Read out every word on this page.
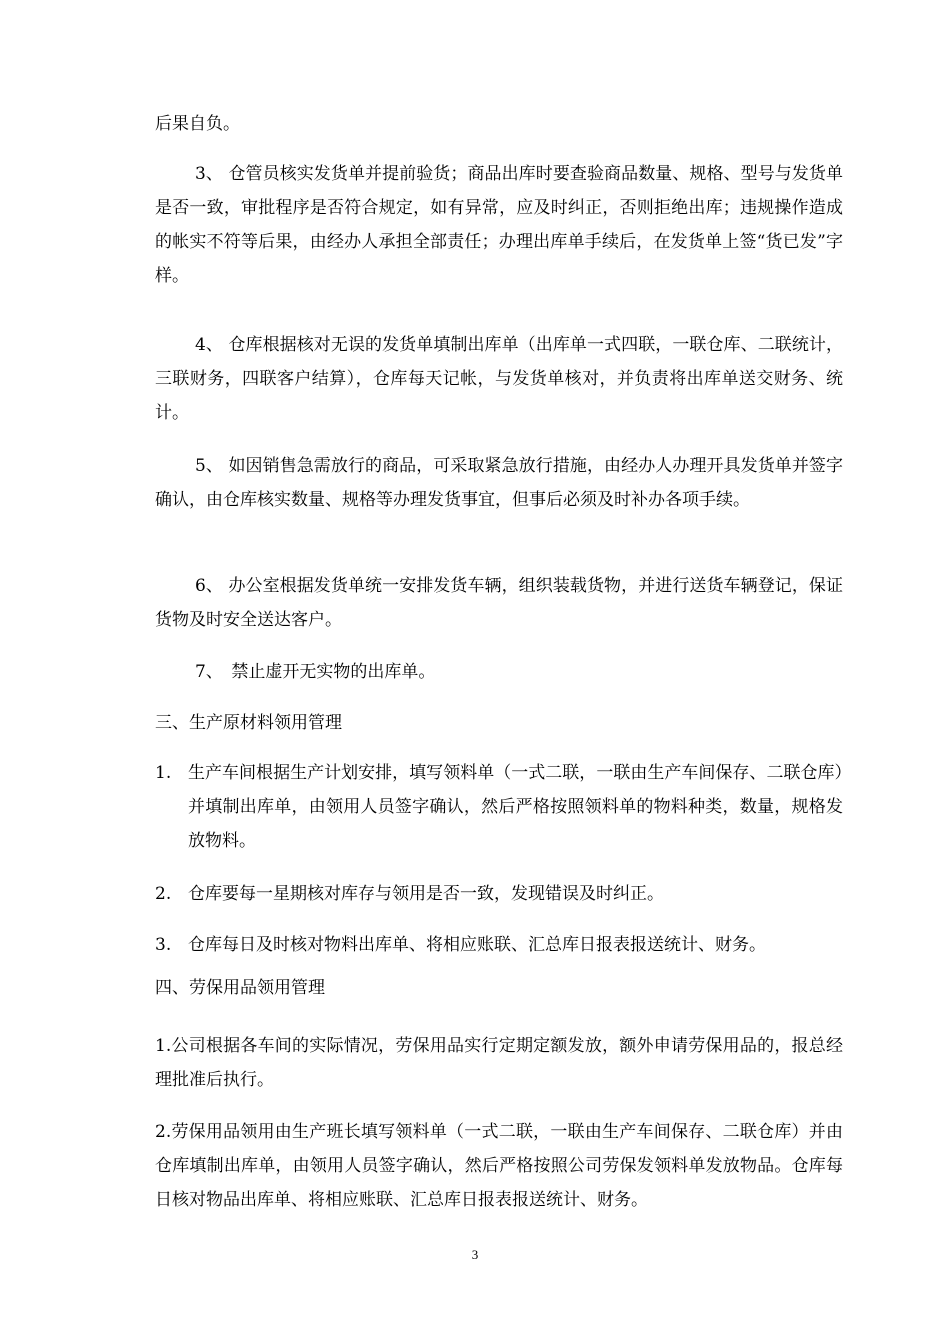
后果自负。

3、 仓管员核实发货单并提前验货；商品出库时要查验商品数量、规格、型号与发货单是否一致，审批程序是否符合规定，如有异常，应及时纠正，否则拒绝出库；违规操作造成的帐实不符等后果，由经办人承担全部责任；办理出库单手续后，在发货单上签“货已发”字样。

4、 仓库根据核对无误的发货单填制出库单（出库单一式四联，一联仓库、二联统计，三联财务，四联客户结算），仓库每天记帐，与发货单核对，并负责将出库单送交财务、统计。

5、 如因销售急需放行的商品，可采取紧急放行措施，由经办人办理开具发货单并签字确认，由仓库核实数量、规格等办理发货事宜，但事后必须及时补办各项手续。

6、 办公室根据发货单统一安排发货车辆，组织装载货物，并进行送货车辆登记，保证货物及时安全送达客户。

7、　禁止虚开无实物的出库单。

三、生产原材料领用管理

1. 生产车间根据生产计划安排，填写领料单（一式二联，一联由生产车间保存、二联仓库）并填制出库单，由领用人员签字确认，然后严格按照领料单的物料种类，数量，规格发放物料。

2. 仓库要每一星期核对库存与领用是否一致，发现错误及时纠正。

3. 仓库每日及时核对物料出库单、将相应账联、汇总库日报表报送统计、财务。

四、劳保用品领用管理

1.公司根据各车间的实际情况，劳保用品实行定期定额发放，额外申请劳保用品的，报总经理批准后执行。

2.劳保用品领用由生产班长填写领料单（一式二联，一联由生产车间保存、二联仓库）并由仓库填制出库单，由领用人员签字确认，然后严格按照公司劳保发领料单发放物品。仓库每日核对物品出库单、将相应账联、汇总库日报表报送统计、财务。

3
